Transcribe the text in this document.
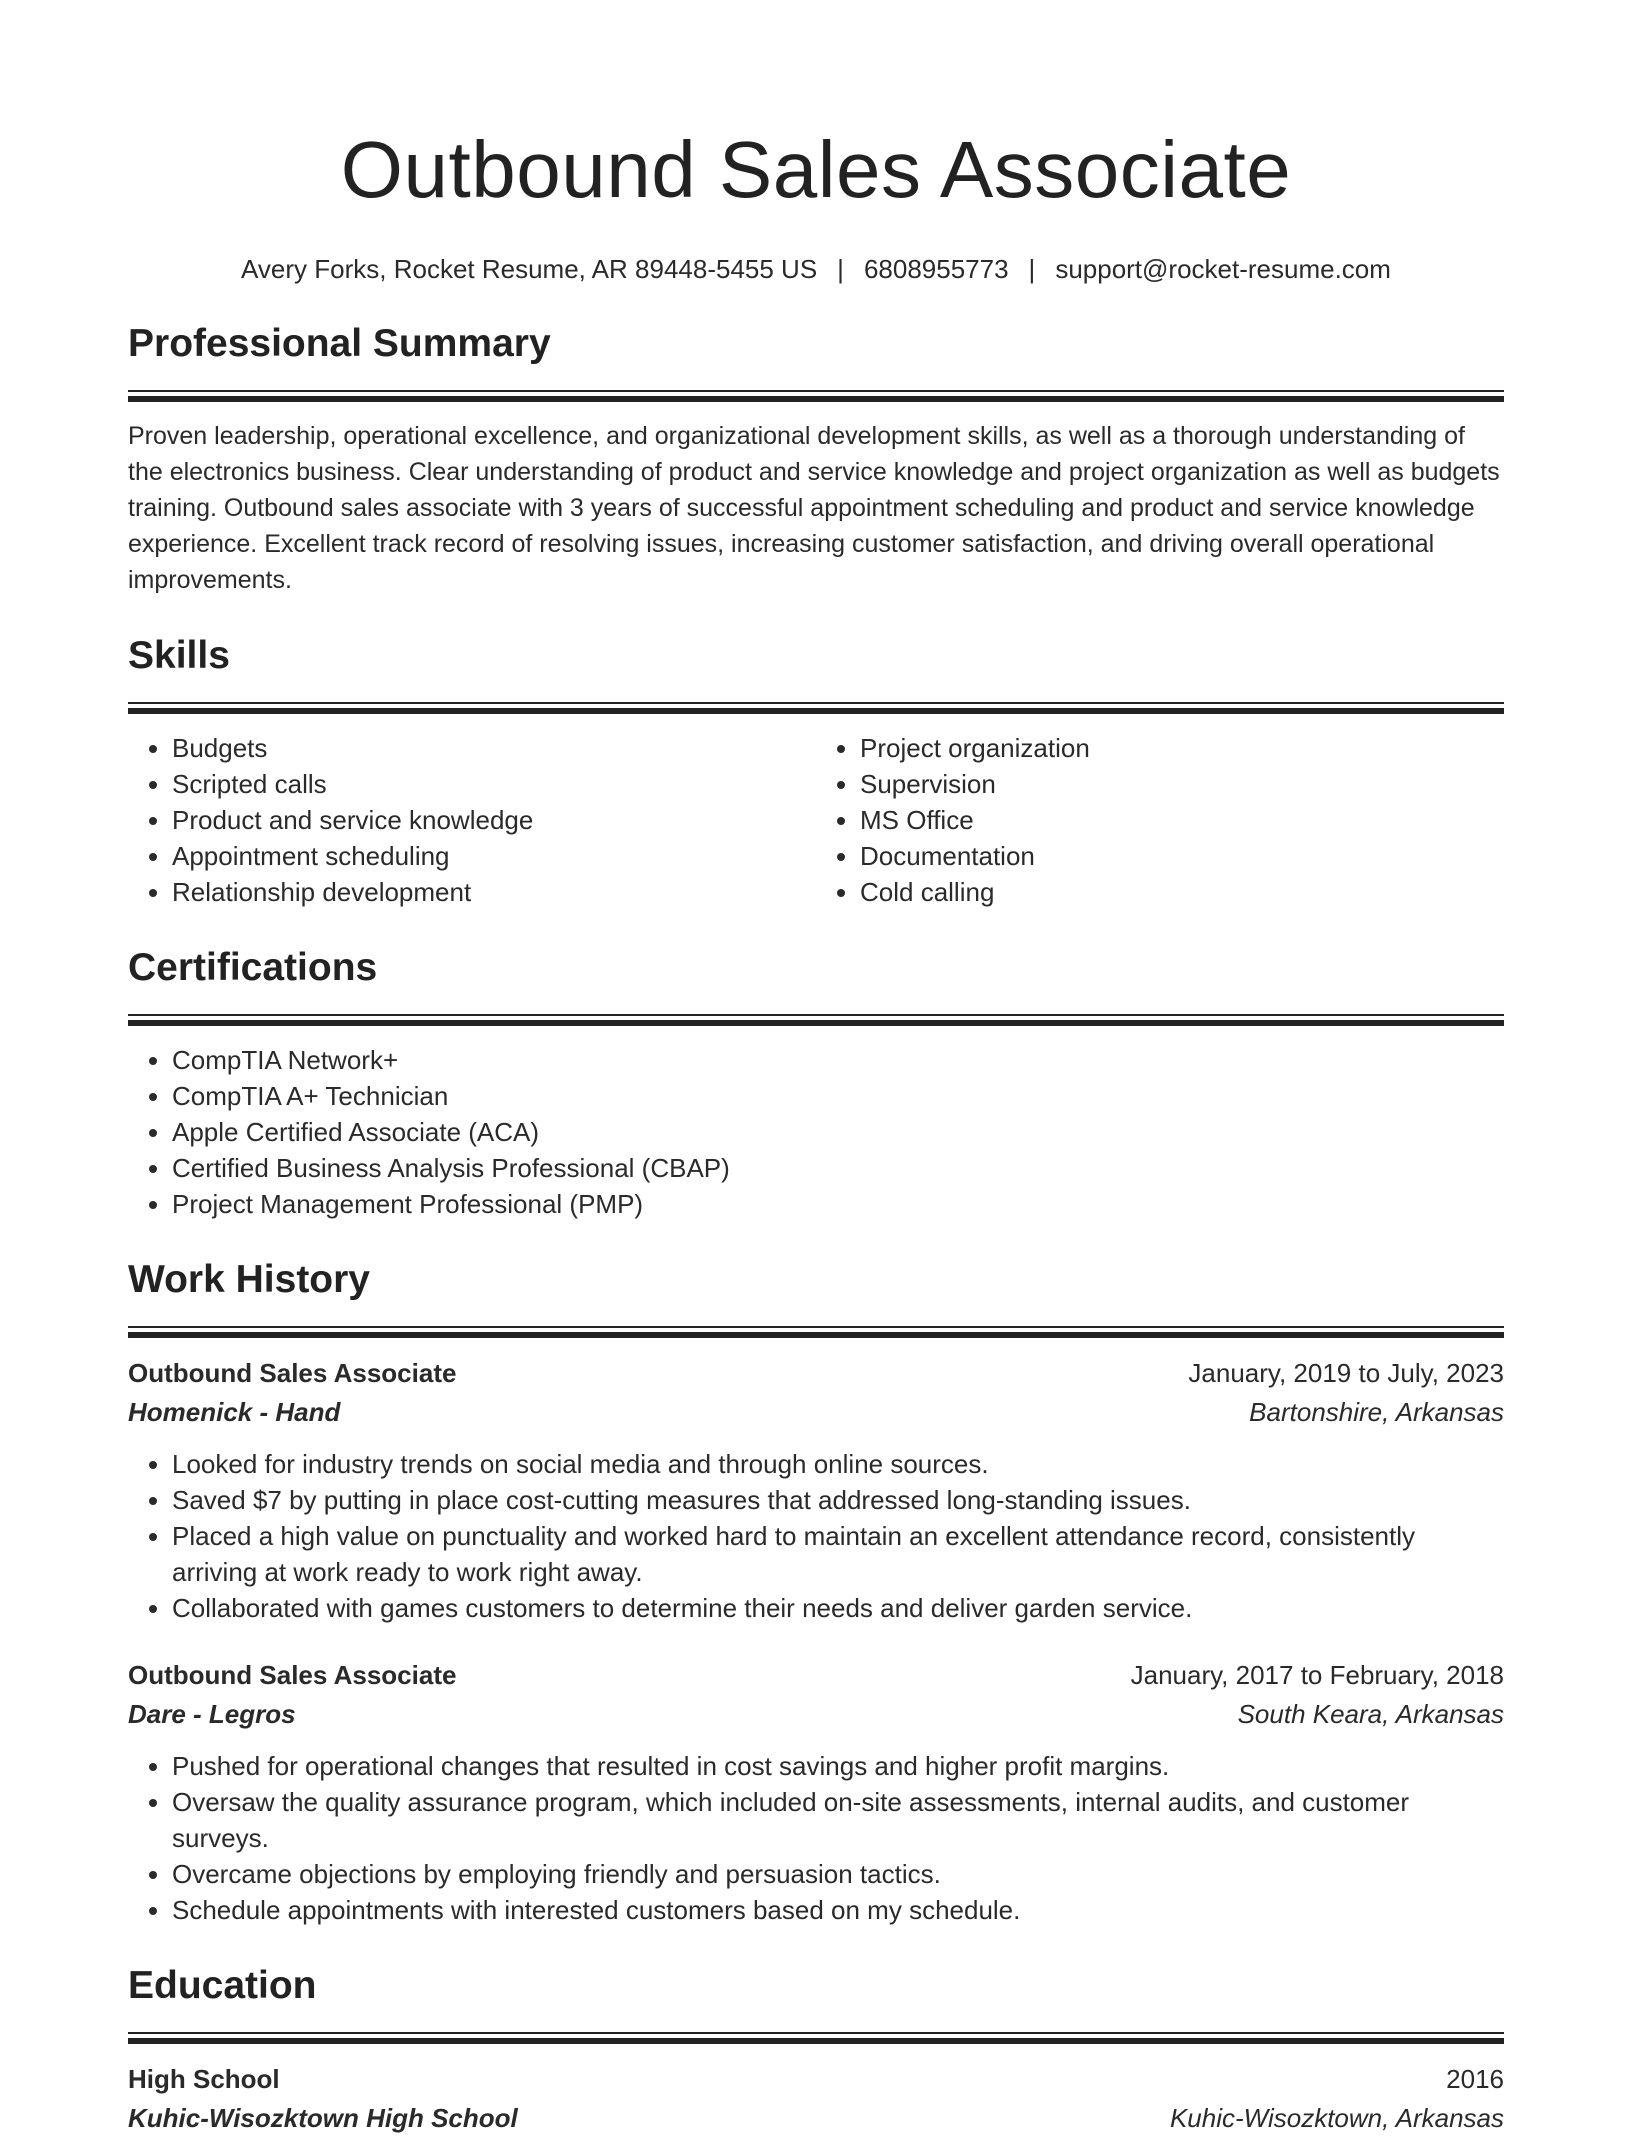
Outbound Sales Associate
Avery Forks, Rocket Resume, AR 89448-5455 US | 6808955773 | support@rocket-resume.com
Professional Summary

Proven leadership, operational excellence, and organizational development skills, as well as a thorough understanding of the electronics business. Clear understanding of product and service knowledge and project organization as well as budgets training. Outbound sales associate with 3 years of successful appointment scheduling and product and service knowledge experience. Excellent track record of resolving issues, increasing customer satisfaction, and driving overall operational improvements.

Skills
• Budgets
• Scripted calls
• Product and service knowledge
• Appointment scheduling
• Relationship development
• Project organization
• Supervision
• MS Office
• Documentation
• Cold calling
Certifications
• CompTIA Network+
• CompTIA A+ Technician
• Apple Certified Associate (ACA)
• Certified Business Analysis Professional (CBAP)
• Project Management Professional (PMP)
Work History
Outbound Sales Associate	January, 2019 to July, 2023
Homenick - Hand	Bartonshire, Arkansas
• Looked for industry trends on social media and through online sources.
• Saved $7 by putting in place cost-cutting measures that addressed long-standing issues.
• Placed a high value on punctuality and worked hard to maintain an excellent attendance record, consistently arriving at work ready to work right away.
• Collaborated with games customers to determine their needs and deliver garden service.
Outbound Sales Associate	January, 2017 to February, 2018
Dare - Legros	South Keara, Arkansas
• Pushed for operational changes that resulted in cost savings and higher profit margins.
• Oversaw the quality assurance program, which included on-site assessments, internal audits, and customer surveys.
• Overcame objections by employing friendly and persuasion tactics.
• Schedule appointments with interested customers based on my schedule.
Education
High School	2016
Kuhic-Wisozktown High School	Kuhic-Wisozktown, Arkansas
